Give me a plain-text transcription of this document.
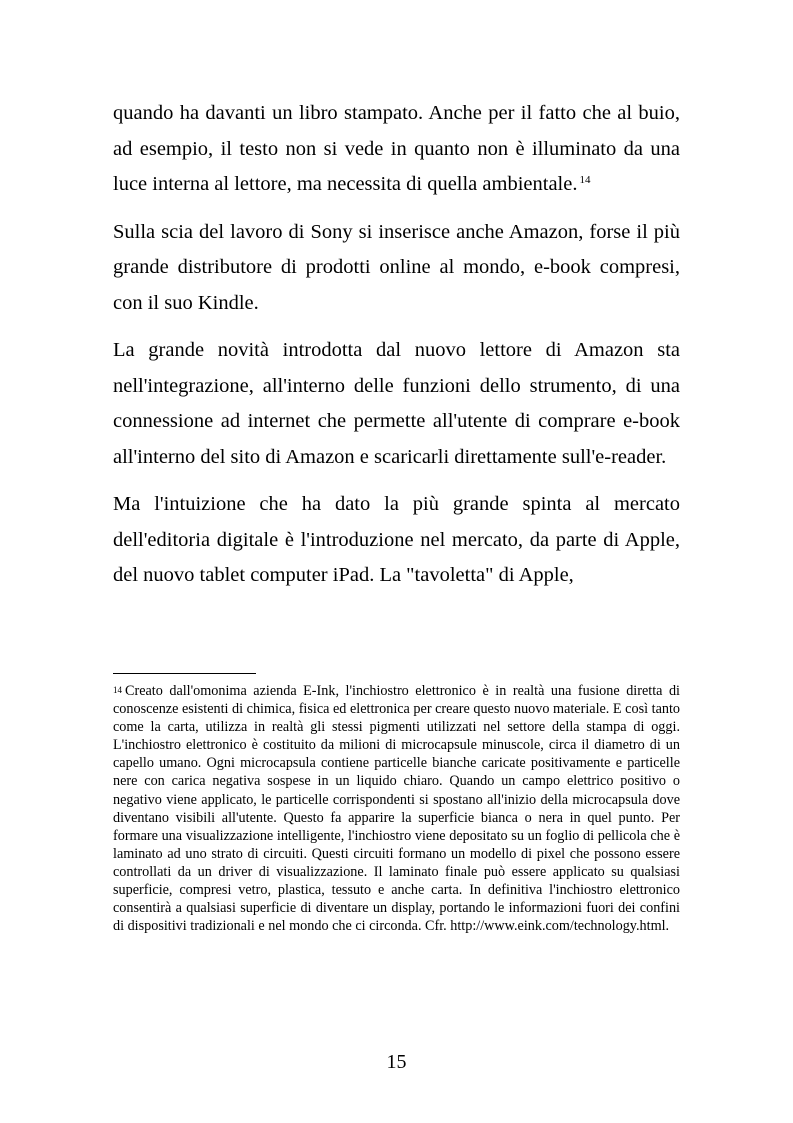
quando ha davanti un libro stampato. Anche per il fatto che al buio, ad esempio, il testo non si vede in quanto non è illuminato da una luce interna al lettore, ma necessita di quella ambientale. $^{14}$

Sulla scia del lavoro di Sony si inserisce anche Amazon, forse il più grande distributore di prodotti online al mondo, e-book compresi, con il suo Kindle.

La grande novità introdotta dal nuovo lettore di Amazon sta nell'integrazione, all'interno delle funzioni dello strumento, di una connessione ad internet che permette all'utente di comprare e-book all'interno del sito di Amazon e scaricarli direttamente sull'e-reader.

Ma l'intuizione che ha dato la più grande spinta al mercato dell'editoria digitale è l'introduzione nel mercato, da parte di Apple, del nuovo tablet computer iPad. La "tavoletta" di Apple,

$^{14}$ Creato dall'omonima azienda E-Ink, l'inchiostro elettronico è in realtà una fusione diretta di conoscenze esistenti di chimica, fisica ed elettronica per creare questo nuovo materiale. E così tanto come la carta, utilizza in realtà gli stessi pigmenti utilizzati nel settore della stampa di oggi. L'inchiostro elettronico è costituito da milioni di microcapsule minuscole, circa il diametro di un capello umano. Ogni microcapsula contiene particelle bianche caricate positivamente e particelle nere con carica negativa sospese in un liquido chiaro. Quando un campo elettrico positivo o negativo viene applicato, le particelle corrispondenti si spostano all'inizio della microcapsula dove diventano visibili all'utente. Questo fa apparire la superficie bianca o nera in quel punto. Per formare una visualizzazione intelligente, l'inchiostro viene depositato su un foglio di pellicola che è laminato ad uno strato di circuiti. Questi circuiti formano un modello di pixel che possono essere controllati da un driver di visualizzazione. Il laminato finale può essere applicato su qualsiasi superficie, compresi vetro, plastica, tessuto e anche carta. In definitiva l'inchiostro elettronico consentirà a qualsiasi superficie di diventare un display, portando le informazioni fuori dei confini di dispositivi tradizionali e nel mondo che ci circonda. Cfr. http://www.eink.com/technology.html.

15
